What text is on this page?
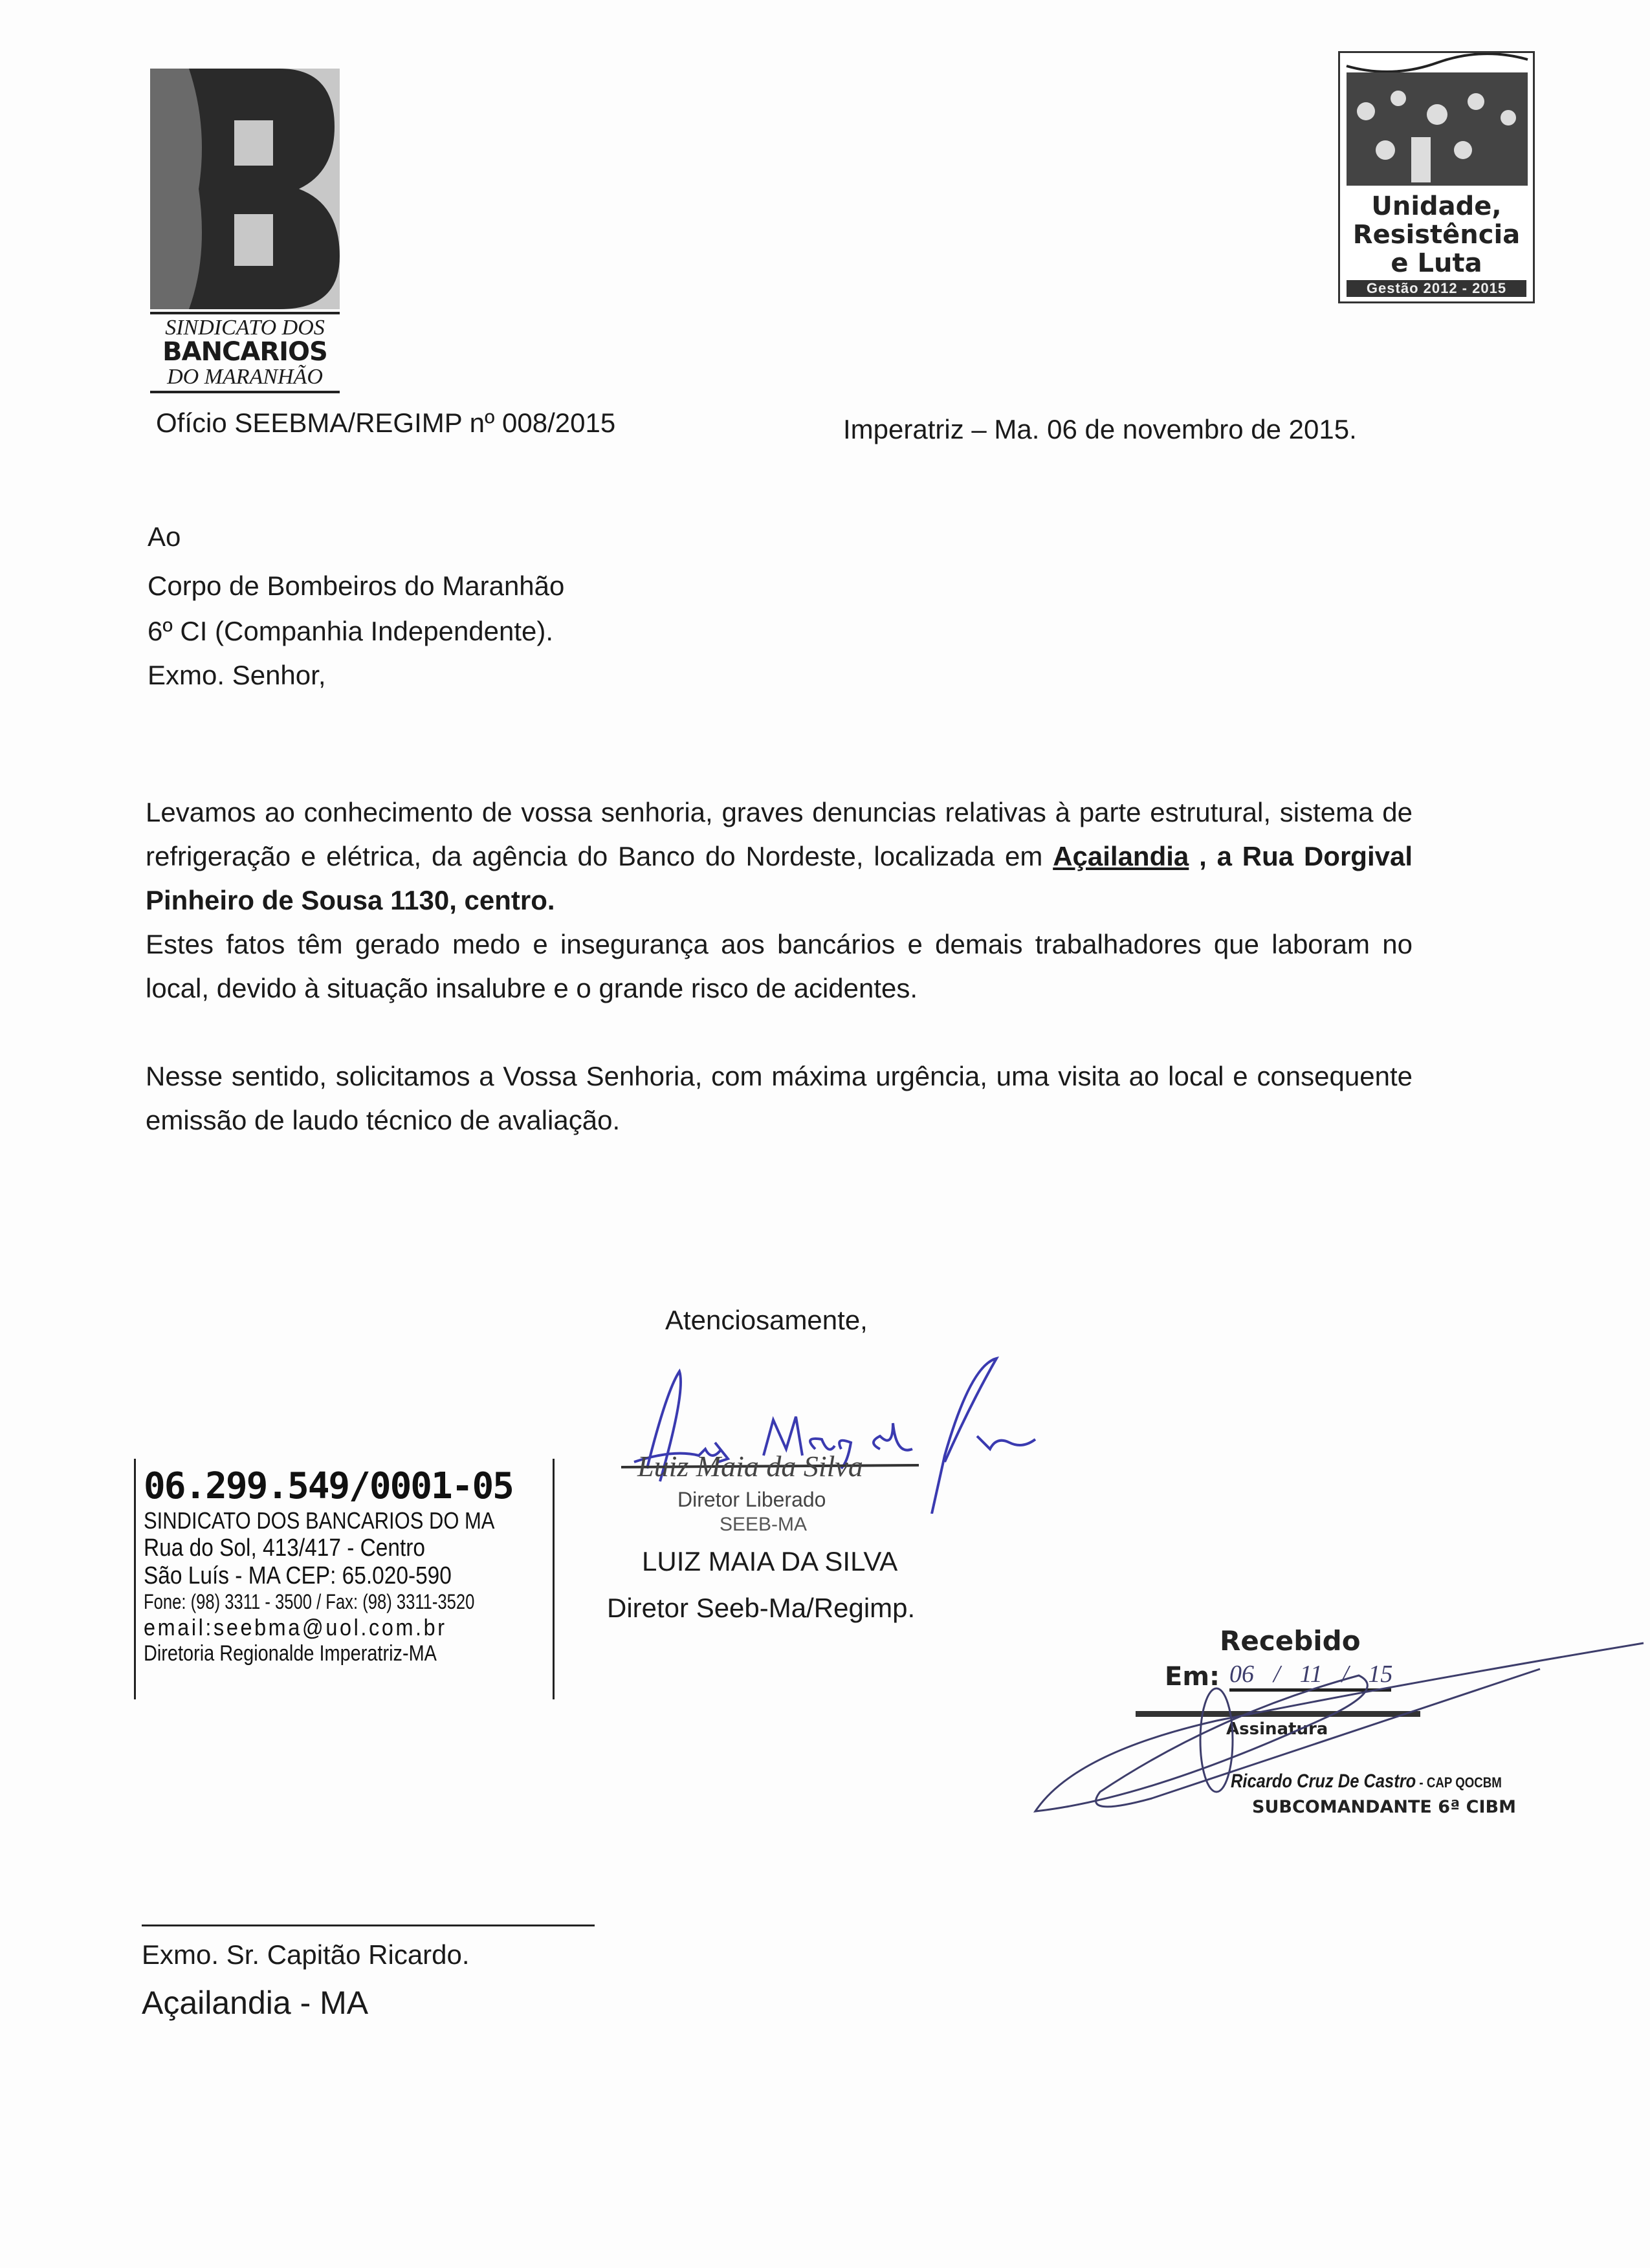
SINDICATO DOS
BANCARIOS
DO MARANHÃO
Unidade,
Resistência
e Luta
Gestão 2012 - 2015
Ofício SEEBMA/REGIMP nº 008/2015	Imperatriz – Ma. 06 de novembro de 2015.
Ao
Corpo de Bombeiros do Maranhão
6º CI (Companhia Independente).
Exmo. Senhor,

Levamos ao conhecimento de vossa senhoria, graves denuncias relativas à parte estrutural, sistema de refrigeração e elétrica, da agência do Banco do Nordeste, localizada em Açailandia , a Rua Dorgival Pinheiro de Sousa 1130, centro.

Estes fatos têm gerado medo e insegurança aos bancários e demais trabalhadores que laboram no local, devido à situação insalubre e o grande risco de acidentes.

Nesse sentido, solicitamos a Vossa Senhoria, com máxima urgência, uma visita ao local e consequente emissão de laudo técnico de avaliação.

Atenciosamente,
Luiz Maia da Silva
Diretor Liberado
SEEB-MA
LUIZ MAIA DA SILVA
Diretor Seeb-Ma/Regimp.
06.299.549/0001-05
SINDICATO DOS BANCARIOS DO MA
Rua do Sol, 413/417 - Centro
São Luís - MA CEP: 65.020-590
Fone: (98) 3311 - 3500 / Fax: (98) 3311-3520
email:seebma@uol.com.br
Diretoria Regionalde Imperatriz-MA	Recebido
Em: 06 / 11 / 15
Assinatura
Ricardo Cruz De Castro - CAP QOCBM
SUBCOMANDANTE 6ª CIBM
Exmo. Sr. Capitão Ricardo.
Açailandia - MA
